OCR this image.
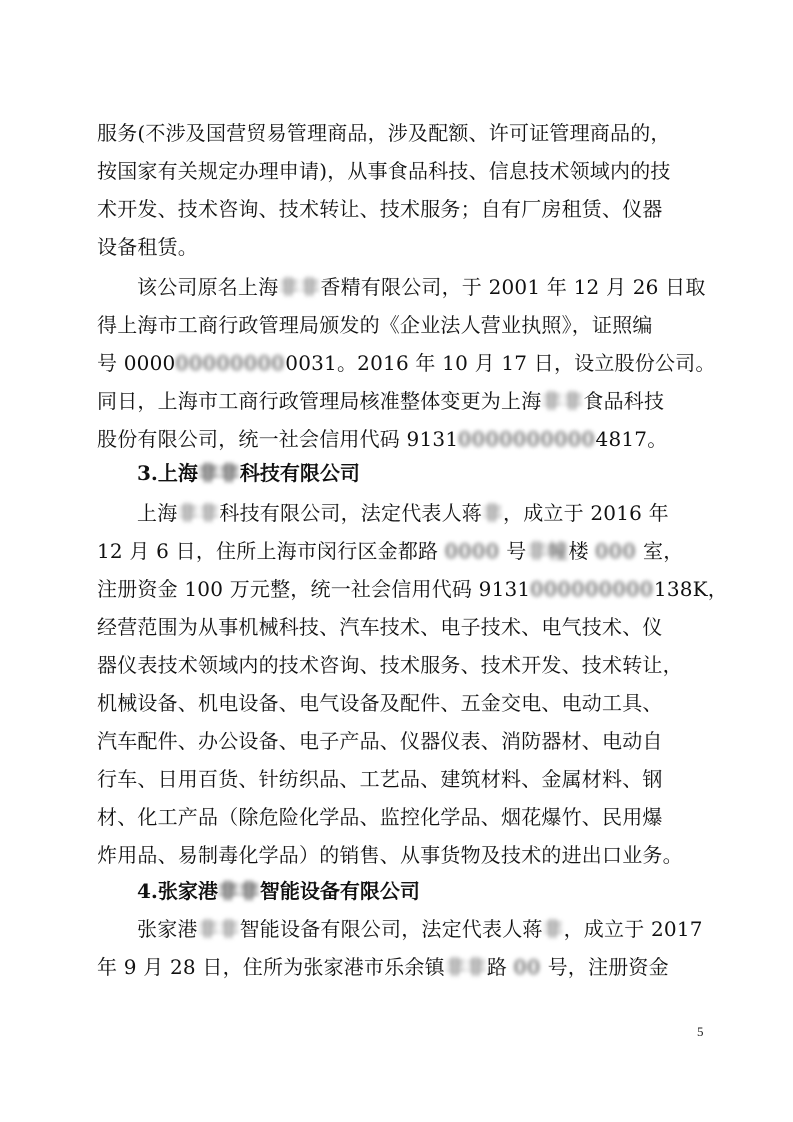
服务(不涉及国营贸易管理商品，涉及配额、许可证管理商品的，
按国家有关规定办理申请)，从事食品科技、信息技术领域内的技
术开发、技术咨询、技术转让、技术服务；自有厂房租赁、仪器
设备租赁。
该公司原名上海非非香精有限公司，于 2001 年 12 月 26 日取
得上海市工商行政管理局颁发的《企业法人营业执照》，证照编
号 0000000000000031。2016 年 10 月 17 日，设立股份公司。
同日，上海市工商行政管理局核准整体变更为上海非非食品科技
股份有限公司，统一社会信用代码 913100000000004817。
3.上海非非科技有限公司
上海非非科技有限公司，法定代表人蒋非，成立于 2016 年
12 月 6 日，住所上海市闵行区金都路 0000 号非幢楼 000 室，
注册资金 100 万元整，统一社会信用代码 9131000000000138K，
经营范围为从事机械科技、汽车技术、电子技术、电气技术、仪
器仪表技术领域内的技术咨询、技术服务、技术开发、技术转让，
机械设备、机电设备、电气设备及配件、五金交电、电动工具、
汽车配件、办公设备、电子产品、仪器仪表、消防器材、电动自
行车、日用百货、针纺织品、工艺品、建筑材料、金属材料、钢
材、化工产品（除危险化学品、监控化学品、烟花爆竹、民用爆
炸用品、易制毒化学品）的销售、从事货物及技术的进出口业务。
4.张家港非非智能设备有限公司
张家港非非智能设备有限公司，法定代表人蒋非，成立于 2017
年 9 月 28 日，住所为张家港市乐余镇非非路 00 号，注册资金
5
